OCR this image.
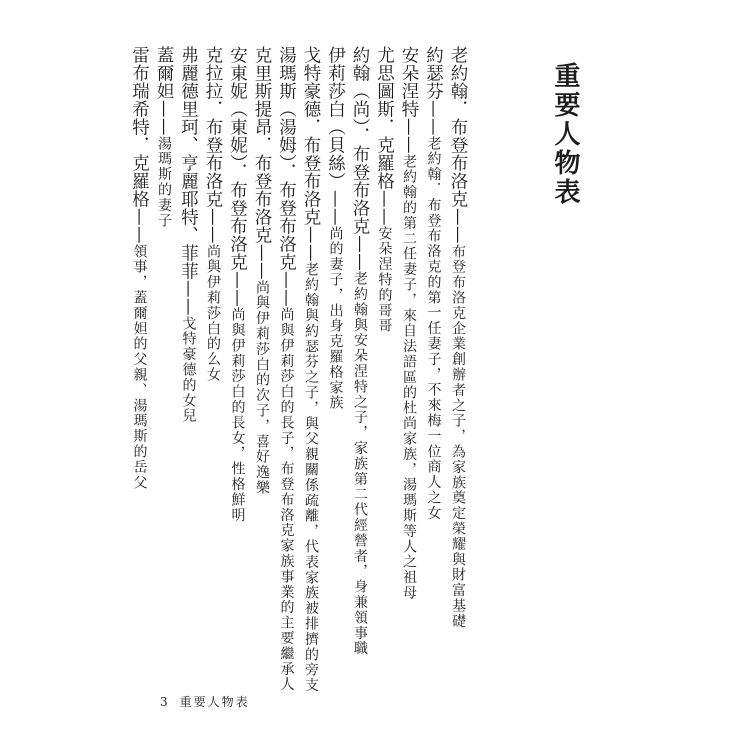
重要人物表
老約翰．布登布洛克——布登布洛克企業創辦者之子，為家族奠定榮耀與財富基礎
約瑟芬——老約翰．布登布洛克的第一任妻子，不來梅一位商人之女
安朵涅特——老約翰的第二任妻子，來自法語區的杜尚家族，湯瑪斯等人之祖母
尤思圖斯．克羅格——安朵涅特的哥哥
約翰（尚）．布登布洛克——老約翰與安朵涅特之子，家族第二代經營者，身兼領事職
伊莉莎白（貝絲）——尚的妻子，出身克羅格家族
戈特豪德．布登布洛克——老約翰與約瑟芬之子，與父親關係疏離，代表家族被排擠的旁支
湯瑪斯（湯姆）．布登布洛克——尚與伊莉莎白的長子，布登布洛克家族事業的主要繼承人
克里斯提昂．布登布洛克——尚與伊莉莎白的次子，喜好逸樂
安東妮（東妮）．布登布洛克——尚與伊莉莎白的長女，性格鮮明
克拉拉．布登布洛克——尚與伊莉莎白的么女
弗麗德里珂、亨麗耶特、菲菲——戈特豪德的女兒
蓋爾妲——湯瑪斯的妻子
雷布瑞希特．克羅格——領事，蓋爾妲的父親、湯瑪斯的岳父
3 重要人物表
